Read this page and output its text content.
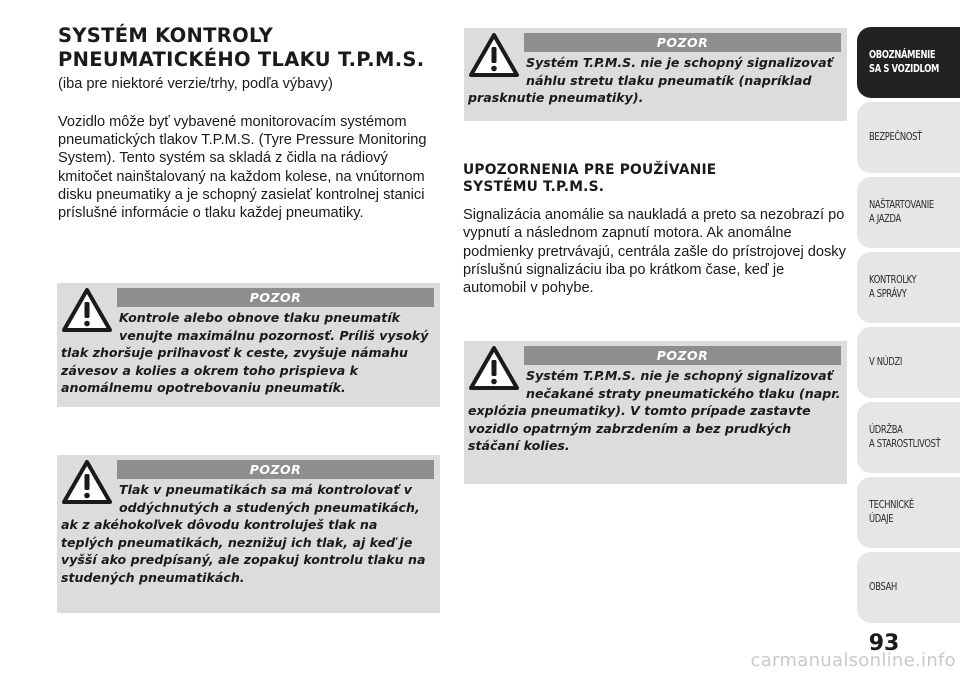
SYSTÉM KONTROLY
PNEUMATICKÉHO TLAKU T.P.M.S.
(iba pre niektoré verzie/trhy, podľa výbavy)
Vozidlo môže byť vybavené monitorovacím systémom pneumatických tlakov T.P.M.S. (Tyre Pressure Monitoring System). Tento systém sa skladá z čidla na rádiový kmitočet nainštalovaný na každom kolese, na vnútornom disku pneumatiky a je schopný zasielať kontrolnej stanici príslušné informácie o tlaku každej pneumatiky.
POZOR
Kontrole alebo obnove tlaku pneumatík venujte maximálnu pozornosť. Príliš vysoký tlak zhoršuje priľnavosť k ceste, zvyšuje námahu závesov a kolies a okrem toho prispieva k anomálnemu opotrebovaniu pneumatík.
POZOR
Tlak v pneumatikách sa má kontrolovať v oddýchnutých a studených pneumatikách, ak z akéhokoľvek dôvodu kontroluješ tlak na teplých pneumatikách, neznižuj ich tlak, aj keď je vyšší ako predpísaný, ale zopakuj kontrolu tlaku na studených pneumatikách.
POZOR
Systém T.P.M.S. nie je schopný signalizovať náhlu stretu tlaku pneumatík (napríklad prasknutie pneumatiky).
UPOZORNENIA PRE POUŽÍVANIE
SYSTÉMU T.P.M.S.
Signalizácia anomálie sa naukladá a preto sa nezobrazí po vypnutí a následnom zapnutí motora. Ak anomálne podmienky pretrvávajú, centrála zašle do prístrojovej dosky príslušnú signalizáciu iba po krátkom čase, keď je automobil v pohybe.
POZOR
Systém T.P.M.S. nie je schopný signalizovať nečakané straty pneumatického tlaku (napr. explózia pneumatiky). V tomto prípade zastavte vozidlo opatrným zabrzdením a bez prudkých stáčaní kolies.
OBOZNÁMENIE
SA S VOZIDLOM
BEZPEČNOSŤ
NAŠTARTOVANIE
A JAZDA
KONTROLKY
A SPRÁVY
V NÚDZI
ÚDRŽBA
A STAROSTLIVOSŤ
TECHNICKÉ
ÚDAJE
OBSAH
93
carmanualsonline.info
